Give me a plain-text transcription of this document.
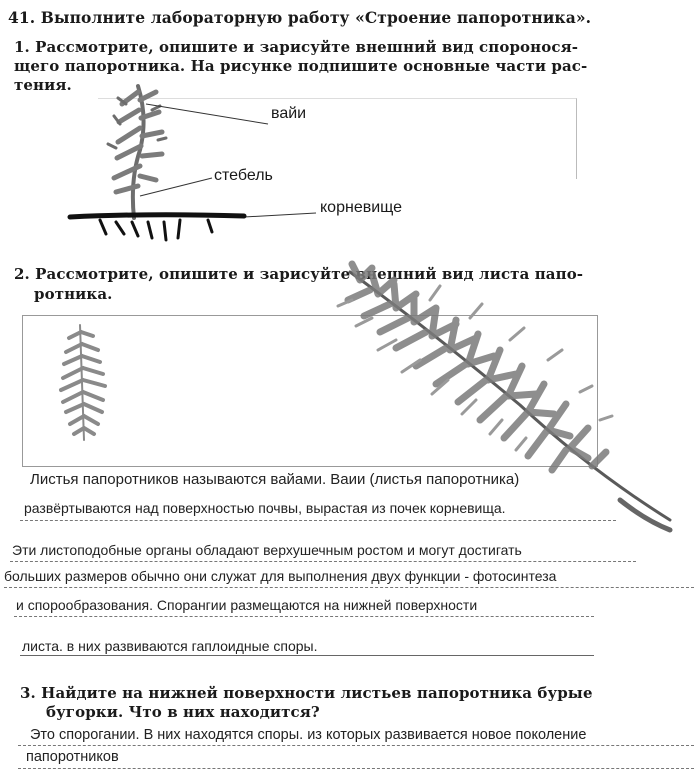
41. Выполните лабораторную работу «Строение папоротника».
1. Рассмотрите, опишите и зарисуйте внешний вид споронося-
щего папоротника. На рисунке подпишите основные части рас-
тения.
вайи
стебель
корневище
2. Рассмотрите, опишите и зарисуйте внешний вид листа папо-
ротника.
Листья папоротников называются вайами. Ваии (листья папоротника)
развёртываются над поверхностью почвы, вырастая из почек корневища.
Эти листоподобные органы обладают верхушечным ростом и могут достигать
больших размеров обычно они служат для выполнения двух функции - фотосинтеза
и спорообразования. Спорангии размещаются на нижней поверхности
листа. в них развиваются гаплоидные споры.
3. Найдите на нижней поверхности листьев папоротника бурые
бугорки. Что в них находится?
Это спорогании. В них находятся споры. из которых развивается новое поколение
папоротников
